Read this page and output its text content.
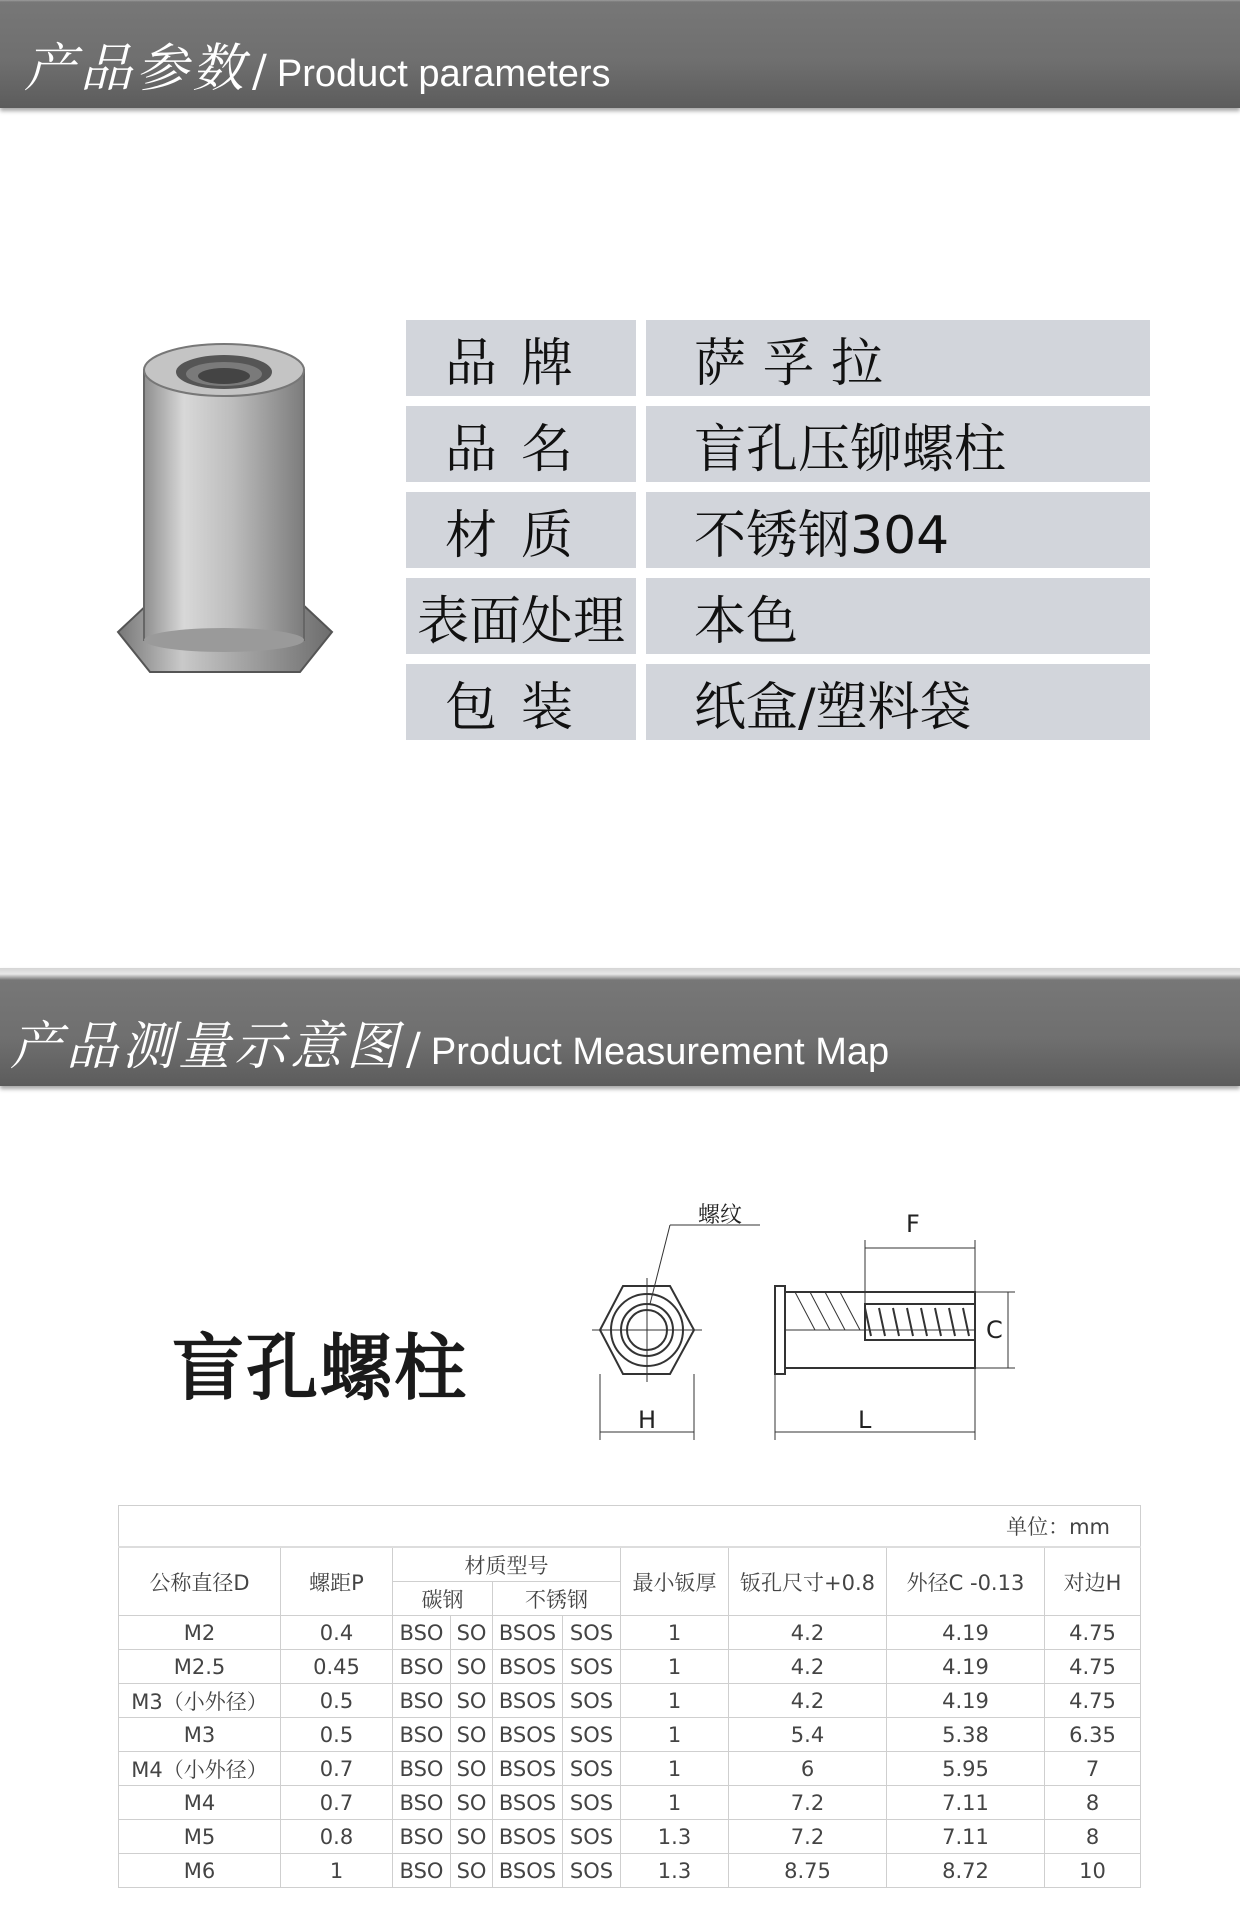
产品参数 / Product parameters
品牌	萨 孚 拉
品名	盲孔压铆螺柱
材质	不锈钢304
表面处理	本色
包装	纸盒/塑料袋
产品测量示意图 / Product Measurement Map
盲孔螺柱
螺纹	F
C
H	L
单位：mm									
公称直径D	螺距P	材质型号				最小钣厚	钣孔尺寸+0.8	外径C -0.13	对边H
		碳钢		不锈钢					
M2	0.4	BSO	SO	BSOS	SOS	1	4.2	4.19	4.75
M2.5	0.45	BSO	SO	BSOS	SOS	1	4.2	4.19	4.75
M3（小外径）	0.5	BSO	SO	BSOS	SOS	1	4.2	4.19	4.75
M3	0.5	BSO	SO	BSOS	SOS	1	5.4	5.38	6.35
M4（小外径）	0.7	BSO	SO	BSOS	SOS	1	6	5.95	7
M4	0.7	BSO	SO	BSOS	SOS	1	7.2	7.11	8
M5	0.8	BSO	SO	BSOS	SOS	1.3	7.2	7.11	8
M6	1	BSO	SO	BSOS	SOS	1.3	8.75	8.72	10
